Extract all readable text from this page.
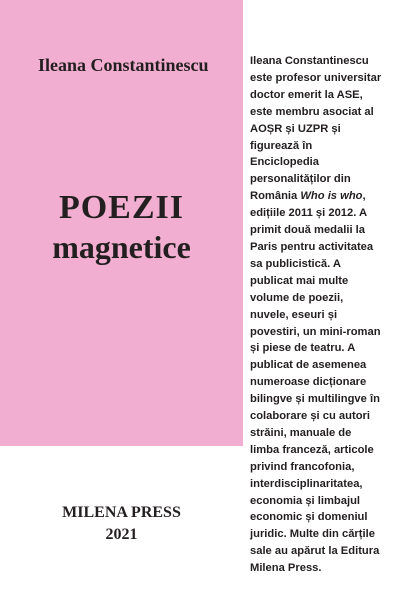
Ileana Constantinescu

POEZII
magnetice
MILENA PRESS
2021
Ileana Constantinescu
este profesor universitar
doctor emerit la ASE,
este membru asociat al
AOȘR și UZPR și
figurează în
Enciclopedia
personalităților din
România Who is who,
edițiile 2011 și 2012. A
primit două medalii la
Paris pentru activitatea
sa publicistică. A
publicat mai multe
volume de poezii,
nuvele, eseuri și
povestiri, un mini-roman
și piese de teatru. A
publicat de asemenea
numeroase dicționare
bilingve și multilingve în
colaborare și cu autori
străini, manuale de
limba franceză, articole
privind francofonia,
interdisciplinaritatea,
economia și limbajul
economic și domeniul
juridic. Multe din cărțile
sale au apărut la Editura
Milena Press.
